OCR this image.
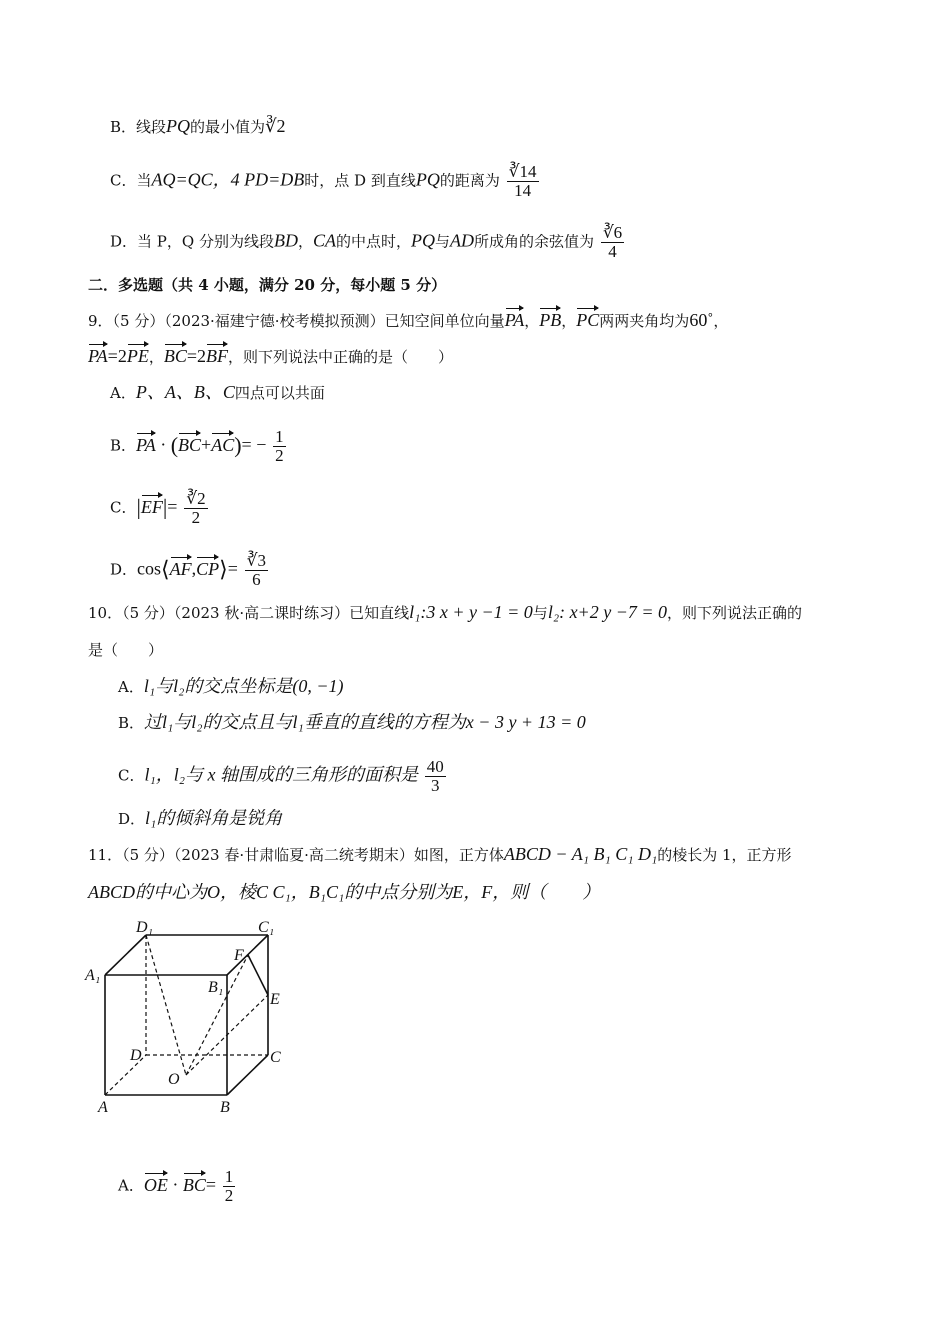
B．线段PQ的最小值为∛2
C．当AQ=QC，4 PD=DB时，点 D 到直线PQ的距离为 $\frac{∛14}{14}$
D．当 P，Q 分别为线段BD，CA的中点时，PQ与AD所成角的余弦值为 $\frac{∛6}{4}$
二．多选题（共 4 小题，满分 20 分，每小题 5 分）
9．（5 分）（2023·福建宁德·校考模拟预测）已知空间单位向量PA，PB，PC两两夹角均为60˚，
PA=2PE，BC=2BF，则下列说法中正确的是（　　）
A．P、A、B、C四点可以共面
B．PA · $(BC+AC)= - \frac{1}{2}$
C．$|EF|= \frac{∛2}{2}$
D．cos⟨AF,CP⟩= $\frac{∛3}{6}$
10．（5 分）（2023 秋·高二课时练习）已知直线l₁:3 x + y −1 = 0与l₂: x+2 y −7 = 0，则下列说法正确的
是（　　）
A．l₁与l₂的交点坐标是(0, −1)
B．过l₁与l₂的交点且与l₁垂直的直线的方程为x − 3 y + 13 = 0
C．l₁，l₂与 x 轴围成的三角形的面积是 $\frac{40}{3}$
D．l₁的倾斜角是锐角
11．（5 分）（2023 春·甘肃临夏·高二统考期末）如图，正方体ABCD − A₁ B₁ C₁ D₁的棱长为 1，正方形
ABCD的中心为O，棱C C₁，B₁C₁的中点分别为E，F，则（　　）
D₁	C₁
A₁
F
B₁
E
D	C
O
A	B
A．OE · $BC= \frac{1}{2}$
